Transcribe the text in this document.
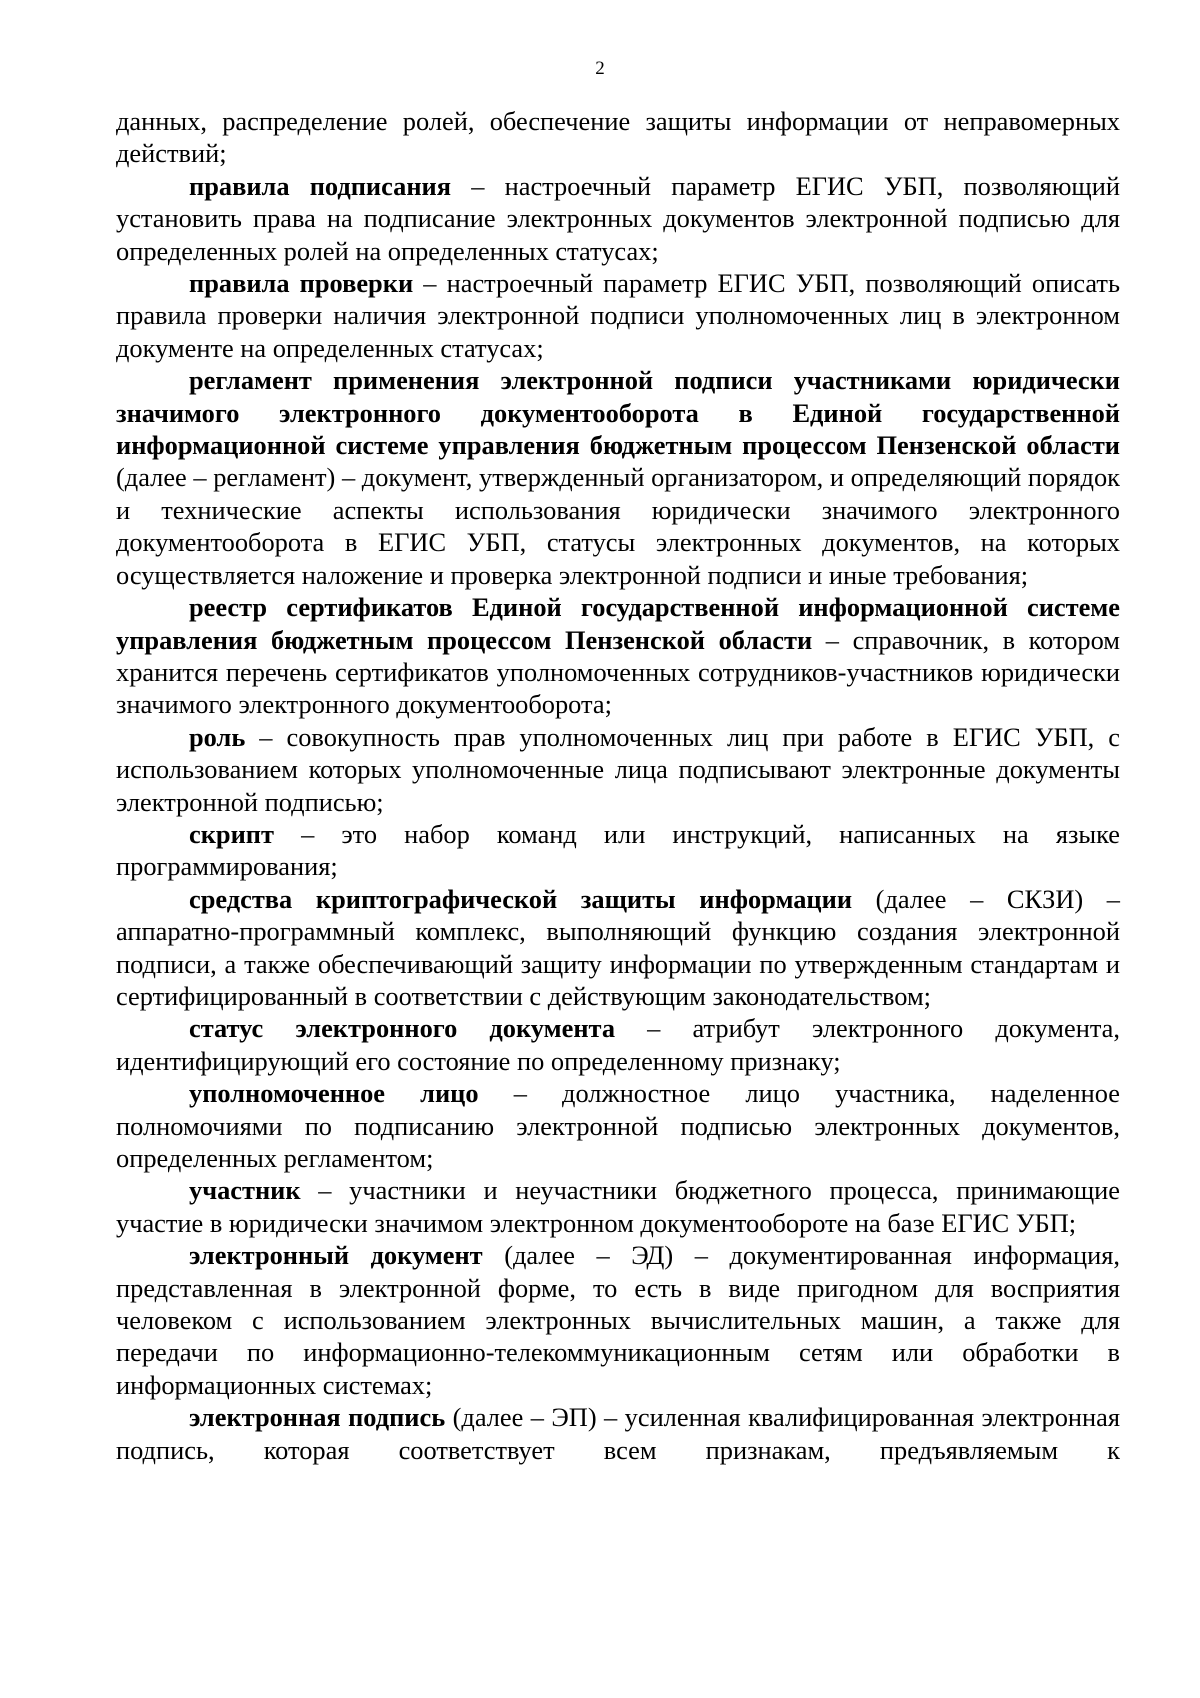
2

данных, распределение ролей, обеспечение защиты информации от неправомерных действий;

правила подписания – настроечный параметр ЕГИС УБП, позволяющий установить права на подписание электронных документов электронной подписью для определенных ролей на определенных статусах;

правила проверки – настроечный параметр ЕГИС УБП, позволяющий описать правила проверки наличия электронной подписи уполномоченных лиц в электронном документе на определенных статусах;

регламент применения электронной подписи участниками юридически значимого электронного документооборота в Единой государственной информационной системе управления бюджетным процессом Пензенской области (далее – регламент) – документ, утвержденный организатором, и определяющий порядок и технические аспекты использования юридически значимого электронного документооборота в ЕГИС УБП, статусы электронных документов, на которых осуществляется наложение и проверка электронной подписи и иные требования;

реестр сертификатов Единой государственной информационной системе управления бюджетным процессом Пензенской области – справочник, в котором хранится перечень сертификатов уполномоченных сотрудников-участников юридически значимого электронного документооборота;

роль – совокупность прав уполномоченных лиц при работе в ЕГИС УБП, с использованием которых уполномоченные лица подписывают электронные документы электронной подписью;

скрипт – это набор команд или инструкций, написанных на языке программирования;

средства криптографической защиты информации (далее – СКЗИ) – аппаратно-программный комплекс, выполняющий функцию создания электронной подписи, а также обеспечивающий защиту информации по утвержденным стандартам и сертифицированный в соответствии с действующим законодательством;

статус электронного документа – атрибут электронного документа, идентифицирующий его состояние по определенному признаку;

уполномоченное лицо – должностное лицо участника, наделенное полномочиями по подписанию электронной подписью электронных документов, определенных регламентом;

участник – участники и неучастники бюджетного процесса, принимающие участие в юридически значимом электронном документообороте на базе ЕГИС УБП;

электронный документ (далее – ЭД) – документированная информация, представленная в электронной форме, то есть в виде пригодном для восприятия человеком с использованием электронных вычислительных машин, а также для передачи по информационно-телекоммуникационным сетям или обработки в информационных системах;

электронная подпись (далее – ЭП) – усиленная квалифицированная электронная подпись, которая соответствует всем признакам, предъявляемым к
